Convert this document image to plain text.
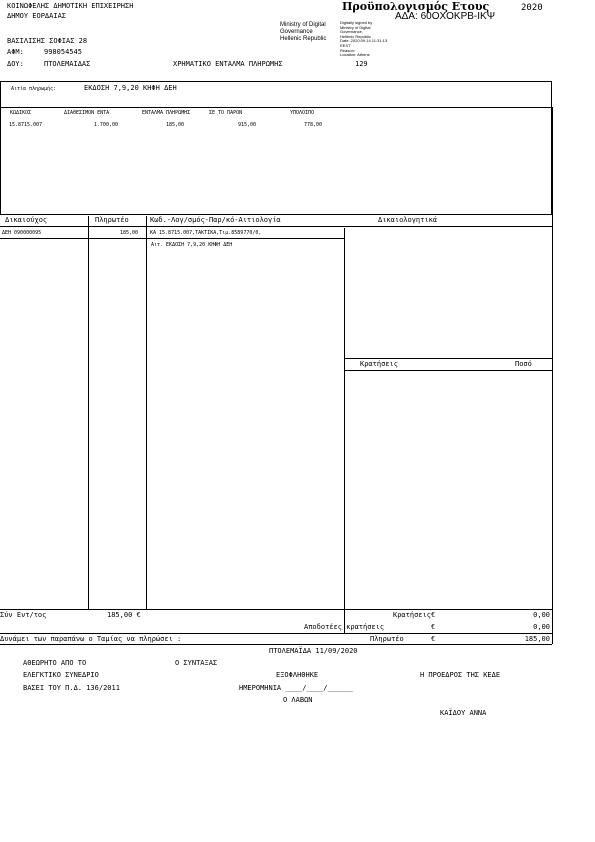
ΚΟΙΝΩΦΕΛΗΣ ΔΗΜΟΤΙΚΗ ΕΠΙΧΕΙΡΗΣΗ
ΔΗΜΟΥ ΕΟΡΔΑΙΑΣ
Προϋπολογισμός Ετους	2020
ΑΔΑ: 60ΟΧΟΚΡΒ-ΙΚΨ
Ministry of Digital
Governance
Hellenic Republic
Digitally signed by
Ministry of Digital
Governance,
Hellenic Republic
Date: 2020.09.14 11:31:13
EEST
Reason:
Location: Athens
ΒΑΣΙΛΙΣΗΣ ΣΟΦΙΑΣ 28
ΑΦΜ:	998054545
ΔΟΥ:	ΠΤΟΛΕΜΑΙΔΑΣ	ΧΡΗΜΑΤΙΚΟ ΕΝΤΑΛΜΑ ΠΛΗΡΩΜΗΣ	129
Αιτία πληρωμής:	ΕΚΔΟΣΗ 7,9,20 ΚΗΦΗ ΔΕΗ
ΚΩΔΙΚΟΣ	ΔΙΑΘΕΣΙΜΟΝ ΕΝΤΑ	ΕΝΤΑΛΜΑ ΠΛΗΡΩΜΗΣ	ΣΕ ΤΟ ΠΑΡΟΝ	ΥΠΟΛΟΙΠΟ
15.8715.007	1.700,00	185,00	915,00	778,00
Δικαιούχος	Πληρωτέο	Κωδ.-Λογ/σμός-Παρ/κό-Αιτιολογία	Δικαιολογητικά
ΔΕΗ 090000095	185,00 ΚΑ 15.8715.007,ΤΑΚΤΙΚΑ,Τιμ.8589770/0,
Αιτ. ΕΚΔΟΣΗ 7,9,20 ΚΗΦΗ ΔΕΗ
Κρατήσεις	Ποσό
Σύν Εντ/τος	185,00 €	Κρατήσεις €	0,00
Αποδοτέες κρατήσεις	€	0,00
Δυνάμει των παραπάνω ο Ταμίας να πληρώσει :	Πληρωτέο	€	185,00
ΠΤΟΛΕΜΑΪΔΑ 11/09/2020
ΑΘΕΩΡΗΤΟ ΑΠΟ ΤΟ	Ο ΣΥΝΤΑΞΑΣ
ΕΛΕΓΚΤΙΚΟ ΣΥΝΕΔΡΙΟ	ΕΞΟΦΛΗΘΗΚΕ	Η ΠΡΟΕΔΡΟΣ ΤΗΣ ΚΕΔΕ
ΒΑΣΕΙ ΤΟΥ Π.Δ. 136/2011	ΗΜΕΡΟΜΗΝΙΑ ____/____/______
Ο ΛΑΒΩΝ
ΚΑΪΔΟΥ ΑΝΝΑ
